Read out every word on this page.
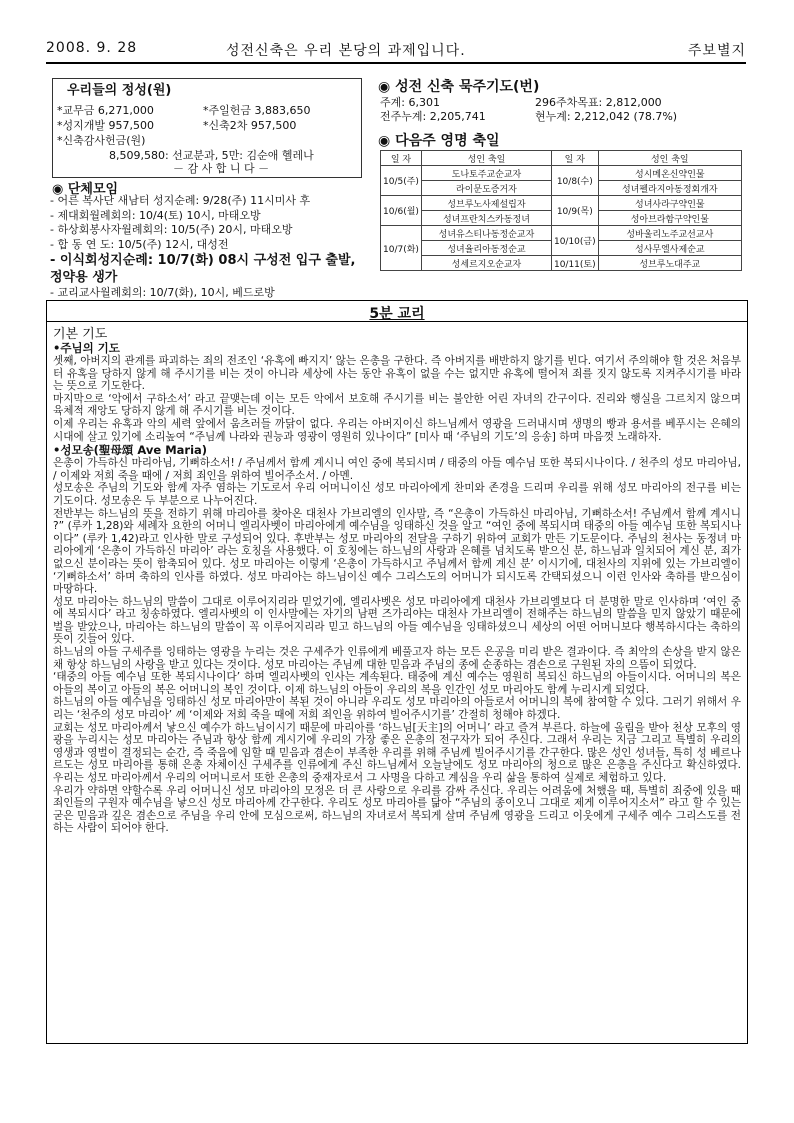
2008. 9. 28	성전신축은 우리 본당의 과제입니다.	주보별지
우리들의 정성(원)
*교무금 6,271,000	*주일헌금 3,883,650
*성지개발 957,500	*신축2차 957,500
*신축감사헌금(원)
8,509,580: 선교분과, 5만: 김순애 헬레나
－ 감 사 합 니 다 －
◉ 단체모임
- 어른 복사단 새남터 성지순례: 9/28(주) 11시미사 후
- 제대회월례회의: 10/4(토) 10시, 마태오방
- 하상회봉사자월례회의: 10/5(주) 20시, 마태오방
- 합 동 연 도: 10/5(주) 12시, 대성전
- 이식회성지순례: 10/7(화) 08시 구성전 입구 출발, 정약용 생가
- 교리교사월례회의: 10/7(화), 10시, 베드로방
◉ 성전 신축 묵주기도(번)
주계: 6,301	296주차목표: 2,812,000
전주누계: 2,205,741	현누계: 2,212,042 (78.7%)
◉ 다음주 영명 축일
일 자	성인 축일	일 자	성인 축일
10/5(주)	도나토주교순교자	10/8(수)	성시메온신약인물
	라이문도증거자		성녀펠라지아동정회개자
10/6(월)	성브루노사제설립자	10/9(목)	성녀사라구약인물
	성녀프란치스카동정녀		성아브라함구약인물
10/7(화)	성녀유스티나동정순교자	10/10(금)	성바울리노주교선교사
	성녀율리아동정순교		성사무엘사제순교
	성세르지오순교자	10/11(토)	성브루노대주교
5분 교리
기본 기도

•주님의 기도

셋째, 아버지의 관계를 파괴하는 죄의 전조인 ‘유혹에 빠지지’ 않는 은총을 구한다. 즉 아버지를 배반하지 않기를 빈다. 여기서 주의해야 할 것은 처음부터 유혹을 당하지 않게 해 주시기를 비는 것이 아니라 세상에 사는 동안 유혹이 없을 수는 없지만 유혹에 떨어져 죄를 짓지 않도록 지켜주시기를 바라는 뜻으로 기도한다.

마지막으로 ‘악에서 구하소서’ 라고 끝맺는데 이는 모든 악에서 보호해 주시기를 비는 불안한 어린 자녀의 간구이다. 진리와 행실을 그르치지 않으며 육체적 재앙도 당하지 않게 해 주시기를 비는 것이다.

이제 우리는 유혹과 악의 세력 앞에서 움츠러들 까닭이 없다. 우리는 아버지이신 하느님께서 영광을 드러내시며 생명의 빵과 용서를 베푸시는 은혜의 시대에 살고 있기에 소리높여 “주님께 나라와 권능과 영광이 영원히 있나이다” [미사 때 ‘주님의 기도’의 응송] 하며 마음껏 노래하자.

•성모송(聖母頌 Ave Maria)

은총이 가득하신 마리아님, 기뻐하소서! / 주님께서 함께 계시니 여인 중에 복되시며 / 태중의 아들 예수님 또한 복되시나이다. / 천주의 성모 마리아님, / 이제와 저희 죽을 때에 / 저희 죄인을 위하여 빌어주소서. / 아멘.

성모송은 주님의 기도와 함께 자주 염하는 기도로서 우리 어머니이신 성모 마리아에게 찬미와 존경을 드리며 우리를 위해 성모 마리아의 전구를 비는 기도이다. 성모송은 두 부분으로 나누어진다.

전반부는 하느님의 뜻을 전하기 위해 마리아를 찾아온 대천사 가브리엘의 인사말, 즉 “은총이 가득하신 마리아님, 기뻐하소서! 주님께서 함께 계시니 ?” (루카 1,28)와 세례자 요한의 어머니 엘리사벳이 마리아에게 예수님을 잉태하신 것을 알고 “여인 중에 복되시며 태중의 아들 예수님 또한 복되시나이다” (루카 1,42)라고 인사한 말로 구성되어 있다. 후반부는 성모 마리아의 전달을 구하기 위하여 교회가 만든 기도문이다. 주님의 천사는 동정녀 마리아에게 ‘은총이 가득하신 마리아’ 라는 호칭을 사용했다. 이 호칭에는 하느님의 사랑과 은혜를 넘치도록 받으신 분, 하느님과 일치되어 계신 분, 죄가 없으신 분이라는 뜻이 함축되어 있다. 성모 마리아는 이렇게 ‘은총이 가득하시고 주님께서 함께 계신 분’ 이시기에, 대천사의 지위에 있는 가브리엘이 ‘기뻐하소서’ 하며 축하의 인사를 하였다. 성모 마리아는 하느님이신 예수 그리스도의 어머니가 되시도록 간택되셨으니 이런 인사와 축하를 받으심이 마땅하다.

성모 마리아는 하느님의 말씀이 그대로 이루어지리라 믿었기에, 엘리사벳은 성모 마리아에게 대천사 가브리엘보다 더 분명한 말로 인사하며 ‘여인 중에 복되시다’ 라고 칭송하였다. 엘리사벳의 이 인사말에는 자기의 남편 즈가리야는 대천사 가브리엘이 전해주는 하느님의 말씀을 믿지 않았기 때문에 벌을 받았으나, 마리아는 하느님의 말씀이 꼭 이루어지리라 믿고 하느님의 아들 예수님을 잉태하셨으니 세상의 어떤 어머니보다 행복하시다는 축하의 뜻이 깃들어 있다.

하느님의 아들 구세주를 잉태하는 영광을 누리는 것은 구세주가 인류에게 베풀고자 하는 모든 은공을 미리 받은 결과이다. 즉 최악의 손상을 받지 않은 채 항상 하느님의 사랑을 받고 있다는 것이다. 성모 마리아는 주님께 대한 믿음과 주님의 종에 순종하는 겸손으로 구원된 자의 으뜸이 되었다.

‘태중의 아들 예수님 또한 복되시나이다’ 하며 엘리사벳의 인사는 계속된다. 태중에 계신 예수는 영원히 복되신 하느님의 아들이시다. 어머니의 복은 아들의 복이고 아들의 복은 어머니의 복인 것이다. 이제 하느님의 아들이 우리의 복을 인간인 성모 마리아도 함께 누리시게 되었다.

하느님의 아들 예수님을 잉태하신 성모 마리아만이 복된 것이 아니라 우리도 성모 마리아의 아들로서 어머니의 복에 참여할 수 있다. 그러기 위해서 우리는 ‘천주의 성모 마리아’ 께 ‘이제와 저희 죽을 때에 저희 죄인을 위하여 빌어주시기를’ 간절히 청해야 하겠다.

교회는 성모 마리아께서 낳으신 예수가 하느님이시기 때문에 마리아를 ‘하느님[天主]의 어머니’ 라고 즐겨 부른다. 하늘에 올림을 받아 천상 모후의 영광을 누리시는 성모 마리아는 주님과 항상 함께 계시기에 우리의 가장 좋은 은총의 전구자가 되어 주신다. 그래서 우리는 지금 그리고 특별히 우리의 영생과 영벌이 결정되는 순간, 즉 죽음에 임할 때 믿음과 겸손이 부족한 우리를 위해 주님께 빌어주시기를 간구한다. 많은 성인 성녀들, 특히 성 베르나르도는 성모 마리아를 통해 은총 자체이신 구세주를 인류에게 주신 하느님께서 오늘날에도 성모 마리아의 청으로 많은 은총을 주신다고 확신하였다. 우리는 성모 마리아께서 우리의 어머니로서 또한 은총의 중재자로서 그 사명을 다하고 계심을 우리 삶을 통하여 실제로 체험하고 있다.

우리가 약하면 약할수록 우리 어머니신 성모 마리아의 모정은 더 큰 사랑으로 우리를 감싸 주신다. 우리는 어려움에 처했을 때, 특별히 죄중에 있을 때 죄인들의 구원자 예수님을 낳으신 성모 마리아께 간구한다. 우리도 성모 마리아를 닮아 “주님의 종이오니 그대로 제게 이루어지소서” 라고 할 수 있는 굳은 믿음과 깊은 겸손으로 주님을 우리 안에 모심으로써, 하느님의 자녀로서 복되게 살며 주님께 영광을 드리고 이웃에게 구세주 예수 그리스도를 전하는 사람이 되어야 한다.
